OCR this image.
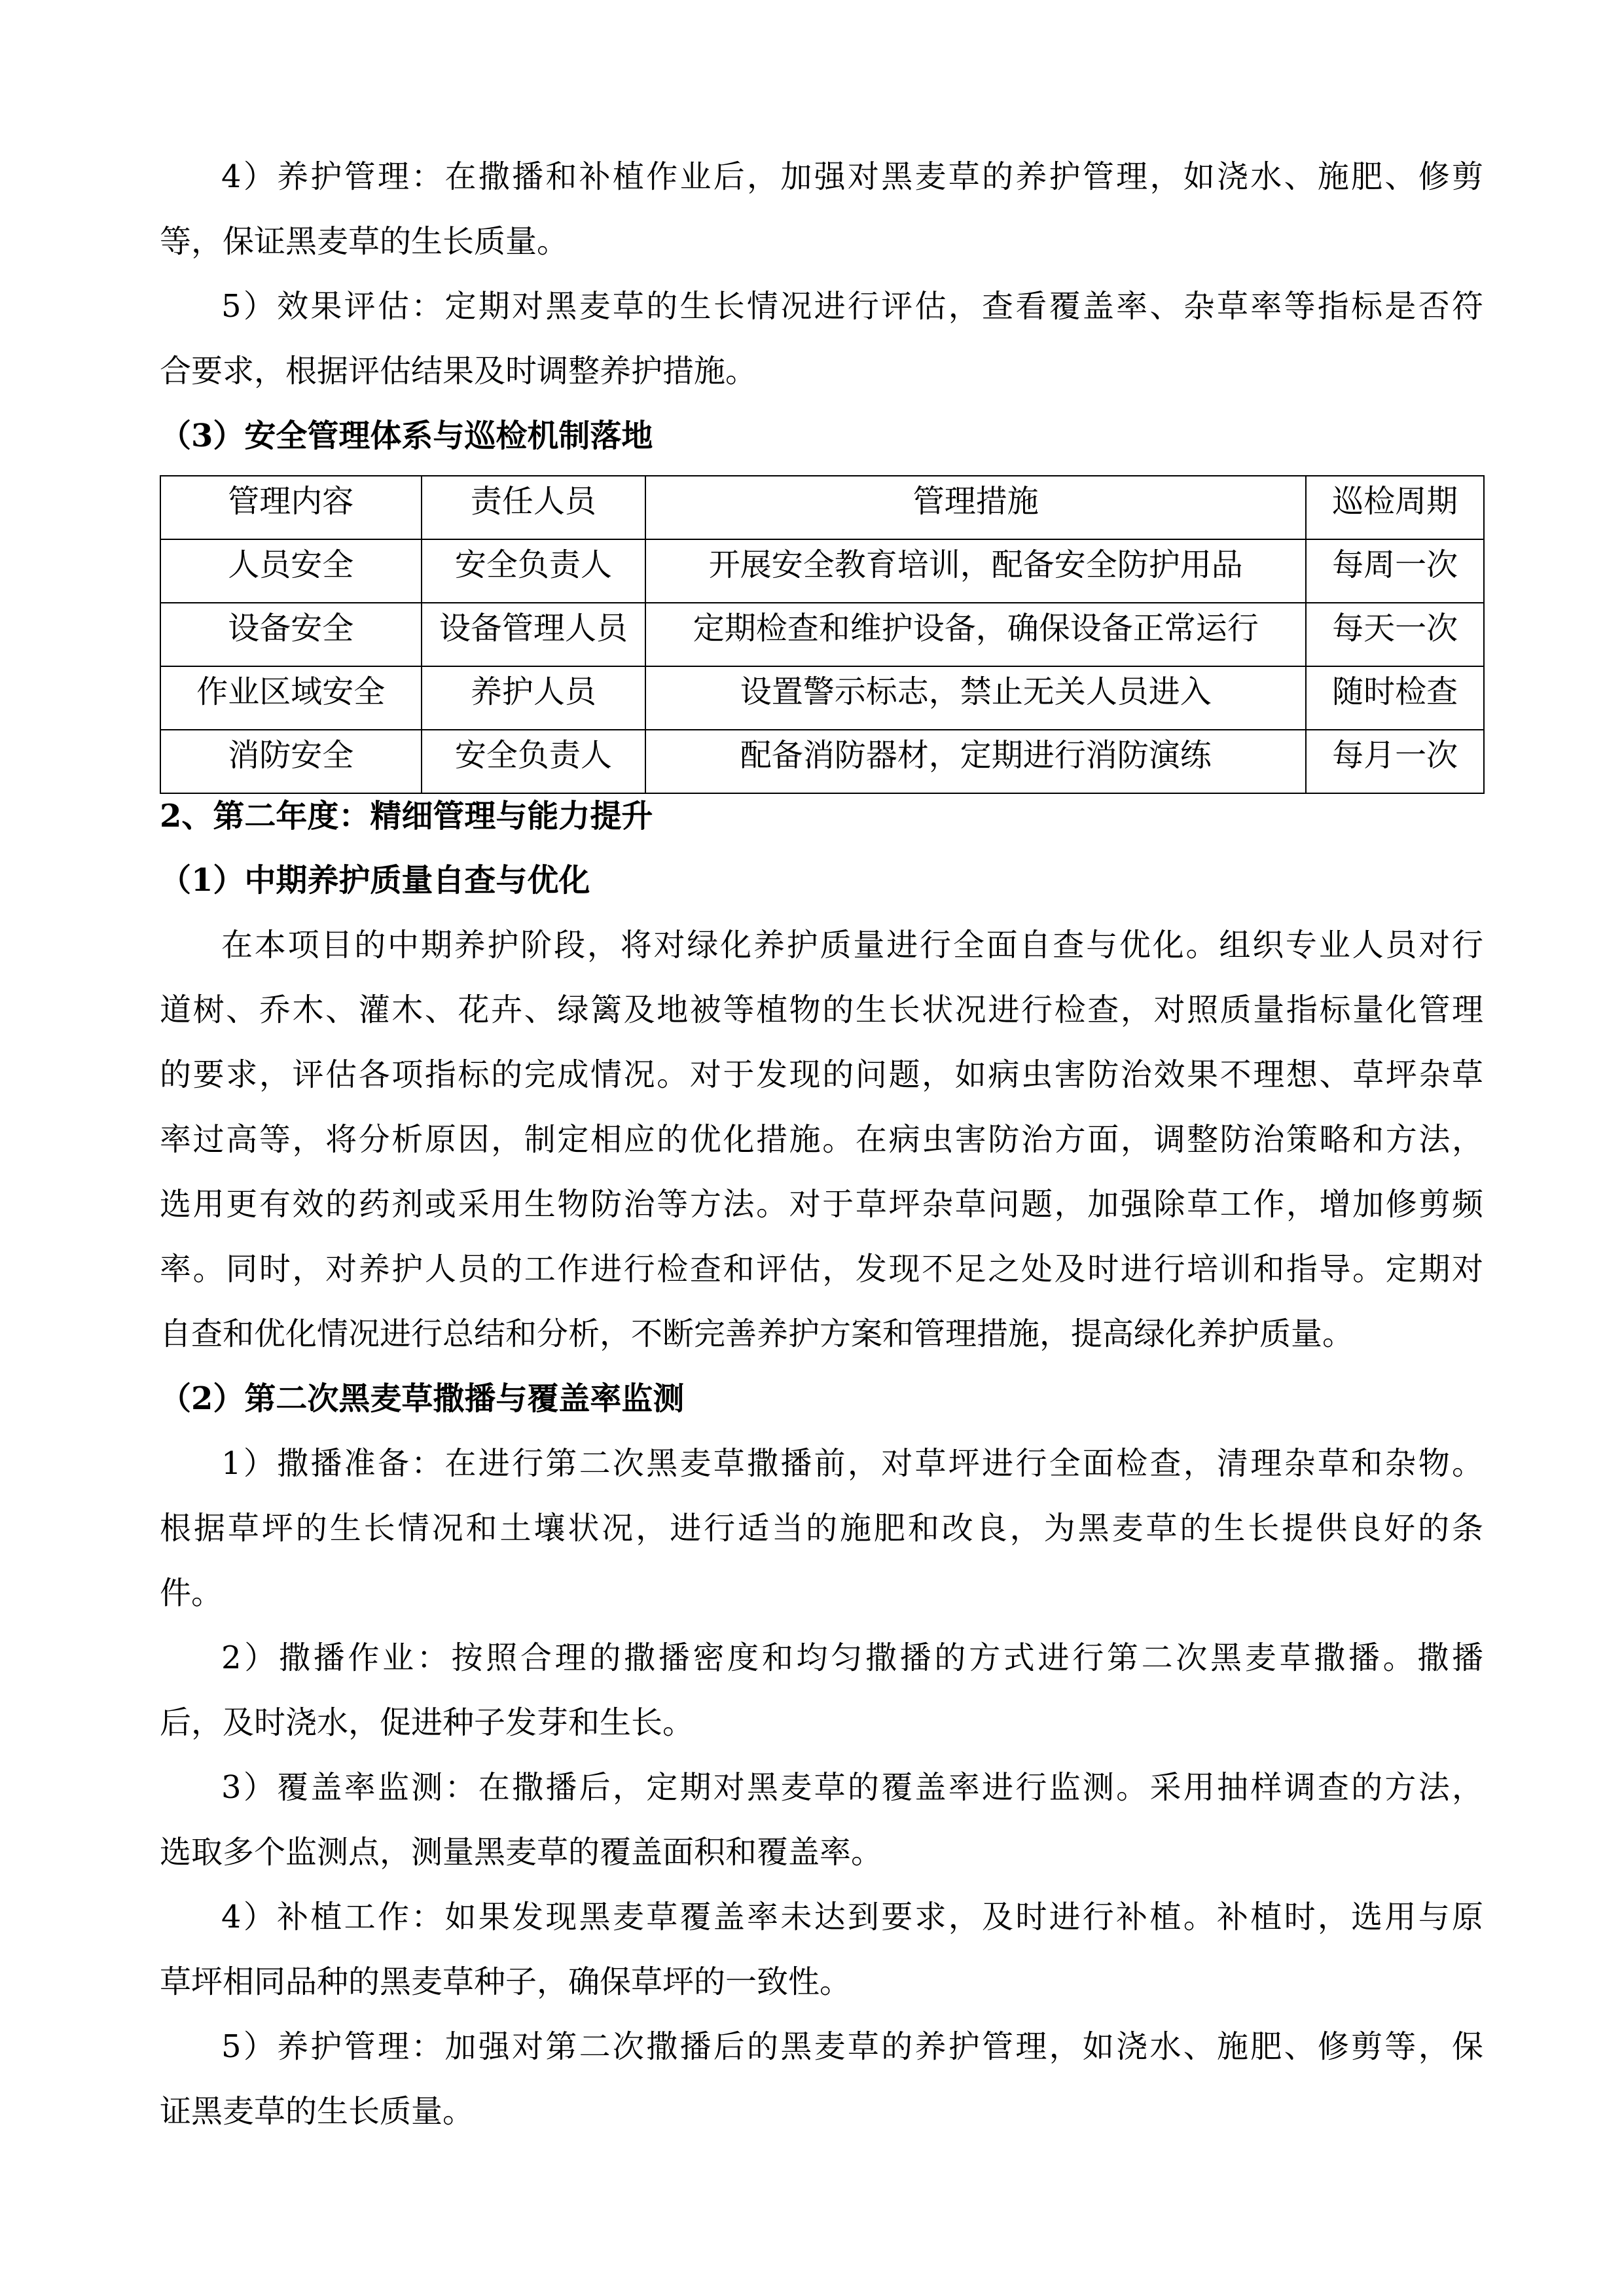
4）养护管理：在撒播和补植作业后，加强对黑麦草的养护管理，如浇水、施肥、修剪
等，保证黑麦草的生长质量。
5）效果评估：定期对黑麦草的生长情况进行评估，查看覆盖率、杂草率等指标是否符
合要求，根据评估结果及时调整养护措施。
（3）安全管理体系与巡检机制落地
管理内容	责任人员	管理措施	巡检周期
人员安全	安全负责人	开展安全教育培训，配备安全防护用品	每周一次
设备安全	设备管理人员	定期检查和维护设备，确保设备正常运行	每天一次
作业区域安全	养护人员	设置警示标志，禁止无关人员进入	随时检查
消防安全	安全负责人	配备消防器材，定期进行消防演练	每月一次
2、第二年度：精细管理与能力提升
（1）中期养护质量自查与优化
在本项目的中期养护阶段，将对绿化养护质量进行全面自查与优化。组织专业人员对行
道树、乔木、灌木、花卉、绿篱及地被等植物的生长状况进行检查，对照质量指标量化管理
的要求，评估各项指标的完成情况。对于发现的问题，如病虫害防治效果不理想、草坪杂草
率过高等，将分析原因，制定相应的优化措施。在病虫害防治方面，调整防治策略和方法，
选用更有效的药剂或采用生物防治等方法。对于草坪杂草问题，加强除草工作，增加修剪频
率。同时，对养护人员的工作进行检查和评估，发现不足之处及时进行培训和指导。定期对
自查和优化情况进行总结和分析，不断完善养护方案和管理措施，提高绿化养护质量。
（2）第二次黑麦草撒播与覆盖率监测
1）撒播准备：在进行第二次黑麦草撒播前，对草坪进行全面检查，清理杂草和杂物。
根据草坪的生长情况和土壤状况，进行适当的施肥和改良，为黑麦草的生长提供良好的条
件。
2）撒播作业：按照合理的撒播密度和均匀撒播的方式进行第二次黑麦草撒播。撒播
后，及时浇水，促进种子发芽和生长。
3）覆盖率监测：在撒播后，定期对黑麦草的覆盖率进行监测。采用抽样调查的方法，
选取多个监测点，测量黑麦草的覆盖面积和覆盖率。
4）补植工作：如果发现黑麦草覆盖率未达到要求，及时进行补植。补植时，选用与原
草坪相同品种的黑麦草种子，确保草坪的一致性。
5）养护管理：加强对第二次撒播后的黑麦草的养护管理，如浇水、施肥、修剪等，保
证黑麦草的生长质量。
